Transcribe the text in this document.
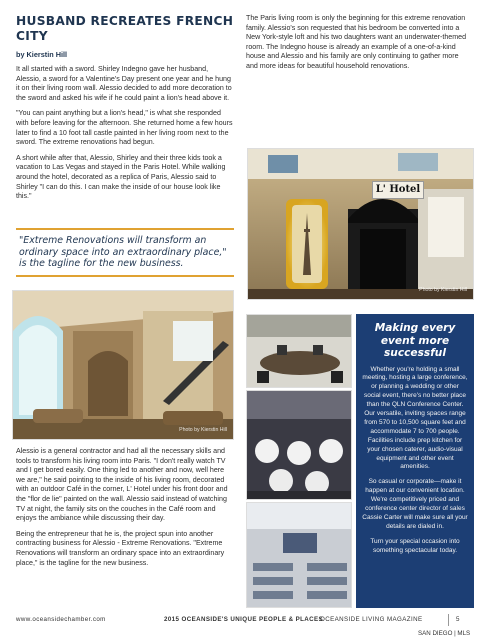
HUSBAND RECREATES FRENCH CITY
by Kierstin Hill

It all started with a sword. Shirley Indegno gave her husband, Alessio, a sword for a Valentine's Day present one year and he hung it on their living room wall. Alessio decided to add more decoration to the sword and asked his wife if he could paint a lion's head above it.

"You can paint anything but a lion's head," is what she responded with before leaving for the afternoon. She returned home a few hours later to find a 10 foot tall castle painted in her living room next to the sword. The extreme renovations had begun.

A short while after that, Alessio, Shirley and their three kids took a vacation to Las Vegas and stayed in the Paris Hotel. While walking around the hotel, decorated as a replica of Paris, Alessio said to Shirley "I can do this. I can make the inside of our house look like this."

"Extreme Renovations will transform an ordinary space into an extraordinary place," is the tagline for the new business.

The Paris living room is only the beginning for this extreme renovation family. Alessio's son requested that his bedroom be converted into a New York-style loft and his two daughters want an underwater-themed room. The Indegno house is already an example of a one-of-a-kind house and Alessio and his family are only continuing to gather more and more ideas for beautiful household renovations.

L' Hotel
Photo by Kierstin Hill
Photo by Kierstin Hill

Alessio is a general contractor and had all the necessary skills and tools to transform his living room into Paris. "I don't really watch TV and I get bored easily. One thing led to another and now, well here we are," he said pointing to the inside of his living room, decorated with an outdoor Café in the corner, L' Hotel under his front door and the "flor de lie" painted on the wall. Alessio said instead of watching TV at night, the family sits on the couches in the Café room and enjoys the ambiance while discussing their day.

Being the entrepreneur that he is, the project spun into another contracting business for Alessio - Extreme Renovations. "Extreme Renovations will transform an ordinary space into an extraordinary place," is the tagline for the new business.

Making every event more successful

Whether you're holding a small meeting, hosting a large conference, or planning a wedding or other social event, there's no better place than the QLN Conference Center. Our versatile, inviting spaces range from 570 to 10,500 square feet and accommodate 7 to 700 people. Facilities include prep kitchen for your chosen caterer, audio-visual equipment and other event amenities.

So casual or corporate—make it happen at our convenient location. We're competitively priced and conference center director of sales Cassie Carter will make sure all your details are dialed in.

Turn your special occasion into something spectacular today.

www.oceansidechamber.com	2015 OCEANSIDE'S UNIQUE PEOPLE & PLACES
OCEANSIDE LIVING MAGAZINE	5
SAN DIEGO | MLS
